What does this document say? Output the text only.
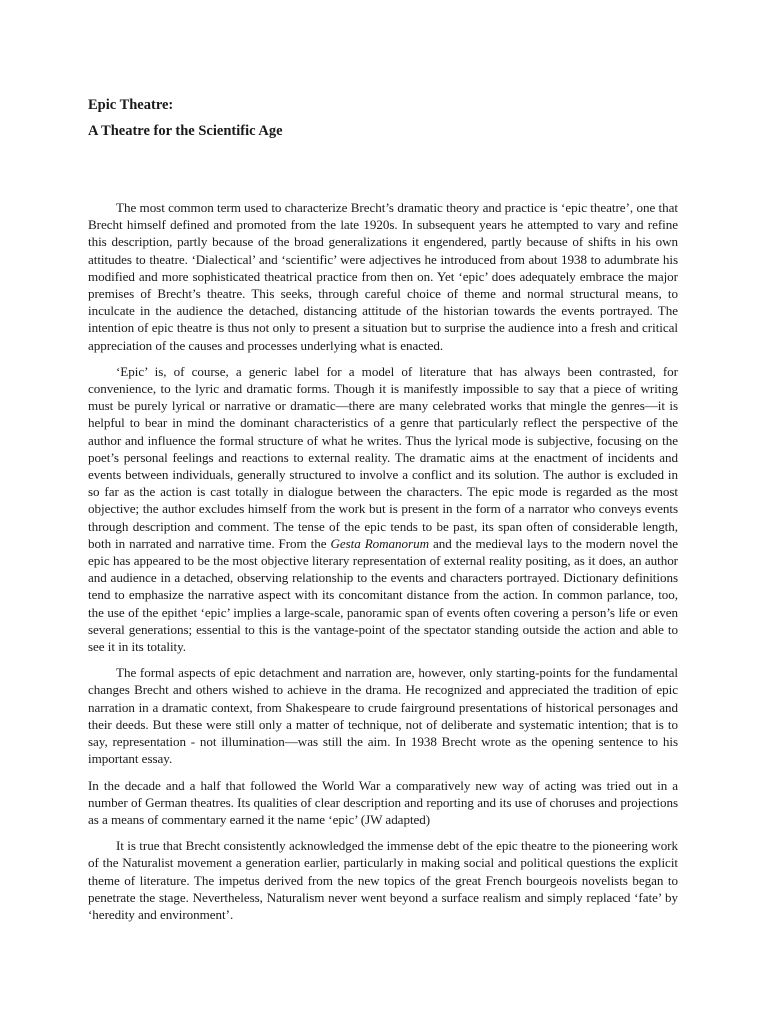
Epic Theatre:
A Theatre for the Scientific Age

The most common term used to characterize Brecht’s dramatic theory and practice is ‘epic theatre’, one that Brecht himself defined and promoted from the late 1920s. In subsequent years he attempted to vary and refine this description, partly because of the broad generalizations it engendered, partly because of shifts in his own attitudes to theatre. ‘Dialectical’ and ‘scientific’ were adjectives he introduced from about 1938 to adumbrate his modified and more sophisticated theatrical practice from then on. Yet ‘epic’ does adequately embrace the major premises of Brecht’s theatre. This seeks, through careful choice of theme and normal structural means, to inculcate in the audience the detached, distancing attitude of the historian towards the events portrayed. The intention of epic theatre is thus not only to present a situation but to surprise the audience into a fresh and critical appreciation of the causes and processes underlying what is enacted.

‘Epic’ is, of course, a generic label for a model of literature that has always been contrasted, for convenience, to the lyric and dramatic forms. Though it is manifestly impossible to say that a piece of writing must be purely lyrical or narrative or dramatic—there are many celebrated works that mingle the genres—it is helpful to bear in mind the dominant characteristics of a genre that particularly reflect the perspective of the author and influence the formal structure of what he writes. Thus the lyrical mode is subjective, focusing on the poet’s personal feelings and reactions to external reality. The dramatic aims at the enactment of incidents and events between individuals, generally structured to involve a conflict and its solution. The author is excluded in so far as the action is cast totally in dialogue between the characters. The epic mode is regarded as the most objective; the author excludes himself from the work but is present in the form of a narrator who conveys events through description and comment. The tense of the epic tends to be past, its span often of considerable length, both in narrated and narrative time. From the Gesta Romanorum and the medieval lays to the modern novel the epic has appeared to be the most objective literary representation of external reality positing, as it does, an author and audience in a detached, observing relationship to the events and characters portrayed. Dictionary definitions tend to emphasize the narrative aspect with its concomitant distance from the action. In common parlance, too, the use of the epithet ‘epic’ implies a large-scale, panoramic span of events often covering a person’s life or even several generations; essential to this is the vantage-point of the spectator standing outside the action and able to see it in its totality.

The formal aspects of epic detachment and narration are, however, only starting-points for the fundamental changes Brecht and others wished to achieve in the drama. He recognized and appreciated the tradition of epic narration in a dramatic context, from Shakespeare to crude fairground presentations of historical personages and their deeds. But these were still only a matter of technique, not of deliberate and systematic intention; that is to say, representation - not illumination—was still the aim. In 1938 Brecht wrote as the opening sentence to his important essay.

In the decade and a half that followed the World War a comparatively new way of acting was tried out in a number of German theatres. Its qualities of clear description and reporting and its use of choruses and projections as a means of commentary earned it the name ‘epic’ (JW adapted)

It is true that Brecht consistently acknowledged the immense debt of the epic theatre to the pioneering work of the Naturalist movement a generation earlier, particularly in making social and political questions the explicit theme of literature. The impetus derived from the new topics of the great French bourgeois novelists began to penetrate the stage. Nevertheless, Naturalism never went beyond a surface realism and simply replaced ‘fate’ by ‘heredity and environment’.
